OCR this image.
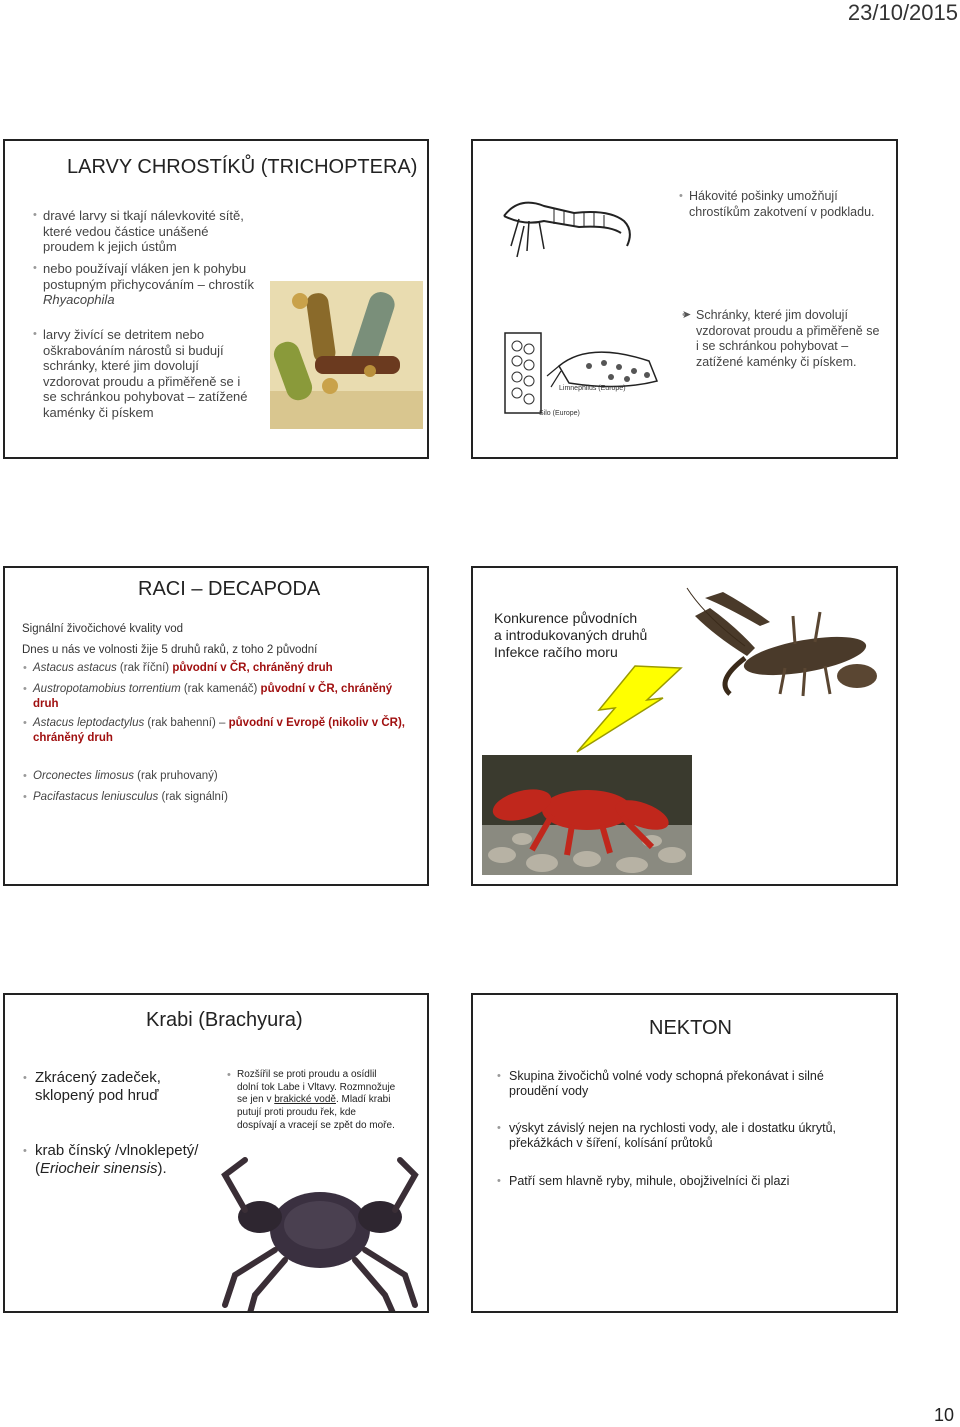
23/10/2015
LARVY CHROSTÍKŮ (TRICHOPTERA)
• dravé larvy si tkají nálevkovité sítě,
které vedou částice unášené
proudem k jejich ústům
• nebo používají vláken jen k pohybu
postupným přichycováním – chrostík
Rhyacophila
• larvy živící se detritem nebo
oškrabováním nárostů si budují
schránky, které jim dovolují
vzdorovat proudu a přiměřeně se i
se schránkou pohybovat – zatížené
kaménky či pískem
Limnephilus (Europe)
Silo (Europe)
• Hákovité pošinky umožňují
chrostíkům zakotvení v podkladu.
• ➤ Schránky, které jim dovolují
vzdorovat proudu a přiměřeně se
i se schránkou pohybovat –
zatížené kaménky či pískem.
RACI – DECAPODA
Signální živočichové kvality vod
Dnes u nás ve volnosti žije 5 druhů raků, z toho 2 původní
• Astacus astacus (rak říční) původní v ČR, chráněný druh
• Austropotamobius torrentium (rak kamenáč) původní v ČR, chráněný
druh
• Astacus leptodactylus (rak bahenní) – původní v Evropě (nikoliv v ČR),
chráněný druh
• Orconectes limosus (rak pruhovaný)
• Pacifastacus leniusculus (rak signální)
Konkurence původních
a introdukovaných druhů
Infekce račího moru
Krabi (Brachyura)
• Zkrácený zadeček,
sklopený pod hruď
• krab čínský /vlnoklepetý/
(Eriocheir sinensis).
• Rozšířil se proti proudu a osídlil
dolní tok Labe i Vltavy. Rozmnožuje
se jen v brakické vodě. Mladí krabi
putují proti proudu řek, kde
dospívají a vracejí se zpět do moře.
NEKTON
• Skupina živočichů volné vody schopná překonávat i silné
proudění vody
• výskyt závislý nejen na rychlosti vody, ale i dostatku úkrytů,
překážkách v šíření, kolísání průtoků
• Patří sem hlavně ryby, mihule, obojživelníci či plazi
10
